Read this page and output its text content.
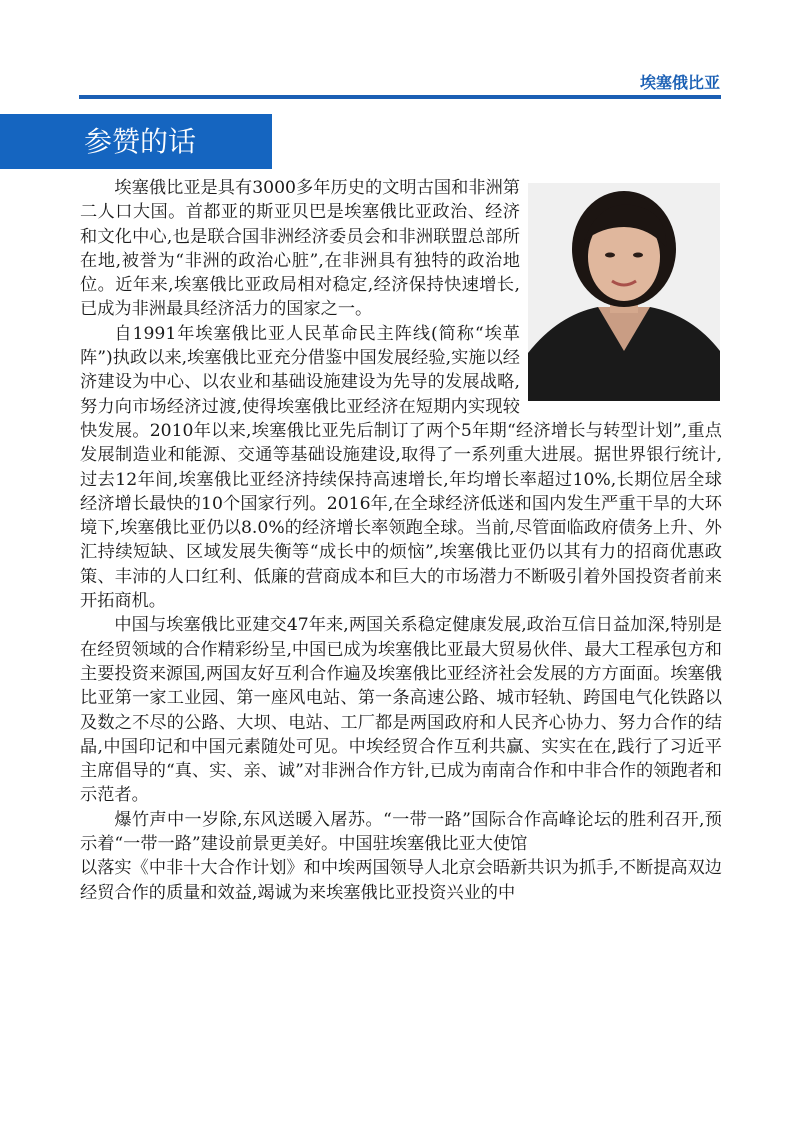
埃塞俄比亚
参赞的话

埃塞俄比亚是具有3000多年历史的文明古国和非洲第二人口大国。首都亚的斯亚贝巴是埃塞俄比亚政治、经济和文化中心,也是联合国非洲经济委员会和非洲联盟总部所在地,被誉为“非洲的政治心脏”,在非洲具有独特的政治地位。近年来,埃塞俄比亚政局相对稳定,经济保持快速增长,已成为非洲最具经济活力的国家之一。

自1991年埃塞俄比亚人民革命民主阵线(简称“埃革阵”)执政以来,埃塞俄比亚充分借鉴中国发展经验,实施以经济建设为中心、以农业和基础设施建设为先导的发展战略,努力向市场经济过渡,使得埃塞俄比亚经济在短期内实现较快发展。2010年以来,埃塞俄比亚先后制订了两个5年期“经济增长与转型计划”,重点发展制造业和能源、交通等基础设施建设,取得了一系列重大进展。据世界银行统计,过去12年间,埃塞俄比亚经济持续保持高速增长,年均增长率超过10%,长期位居全球经济增长最快的10个国家行列。2016年,在全球经济低迷和国内发生严重干旱的大环境下,埃塞俄比亚仍以8.0%的经济增长率领跑全球。当前,尽管面临政府债务上升、外汇持续短缺、区域发展失衡等“成长中的烦恼”,埃塞俄比亚仍以其有力的招商优惠政策、丰沛的人口红利、低廉的营商成本和巨大的市场潜力不断吸引着外国投资者前来开拓商机。

中国与埃塞俄比亚建交47年来,两国关系稳定健康发展,政治互信日益加深,特别是在经贸领域的合作精彩纷呈,中国已成为埃塞俄比亚最大贸易伙伴、最大工程承包方和主要投资来源国,两国友好互利合作遍及埃塞俄比亚经济社会发展的方方面面。埃塞俄比亚第一家工业园、第一座风电站、第一条高速公路、城市轻轨、跨国电气化铁路以及数之不尽的公路、大坝、电站、工厂都是两国政府和人民齐心协力、努力合作的结晶,中国印记和中国元素随处可见。中埃经贸合作互利共赢、实实在在,践行了习近平主席倡导的“真、实、亲、诚”对非洲合作方针,已成为南南合作和中非合作的领跑者和示范者。

爆竹声中一岁除,东风送暖入屠苏。“一带一路”国际合作高峰论坛的胜利召开,预示着“一带一路”建设前景更美好。中国驻埃塞俄比亚大使馆

以落实《中非十大合作计划》和中埃两国领导人北京会晤新共识为抓手,不断提高双边经贸合作的质量和效益,竭诚为来埃塞俄比亚投资兴业的中
